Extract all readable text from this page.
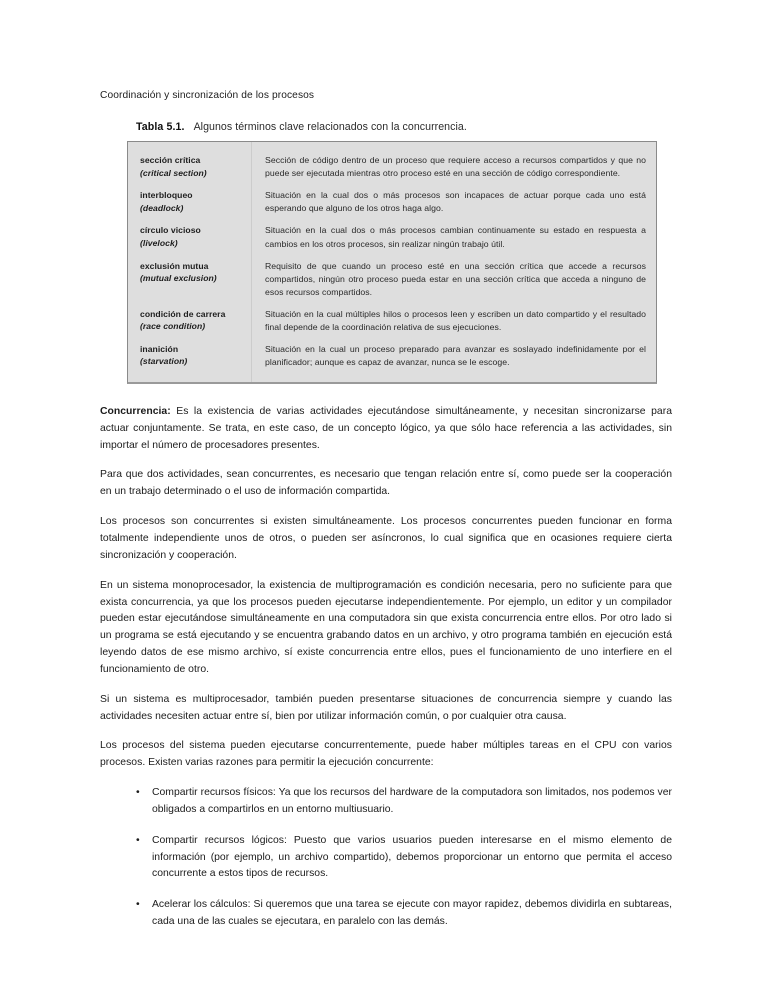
Coordinación y sincronización de los procesos
Tabla 5.1. Algunos términos clave relacionados con la concurrencia.
sección crítica
(critical section)
Sección de código dentro de un proceso que requiere acceso a recursos compartidos y que no puede ser ejecutada mientras otro proceso esté en una sección de código correspondiente.
interbloqueo
(deadlock)
Situación en la cual dos o más procesos son incapaces de actuar porque cada uno está esperando que alguno de los otros haga algo.
círculo vicioso
(livelock)
Situación en la cual dos o más procesos cambian continuamente su estado en respuesta a cambios en los otros procesos, sin realizar ningún trabajo útil.
exclusión mutua
(mutual exclusion)
Requisito de que cuando un proceso esté en una sección crítica que accede a recursos compartidos, ningún otro proceso pueda estar en una sección crítica que acceda a ninguno de esos recursos compartidos.
condición de carrera
(race condition)
Situación en la cual múltiples hilos o procesos leen y escriben un dato compartido y el resultado final depende de la coordinación relativa de sus ejecuciones.
inanición
(starvation)
Situación en la cual un proceso preparado para avanzar es soslayado indefinidamente por el planificador; aunque es capaz de avanzar, nunca se le escoge.

Concurrencia: Es la existencia de varias actividades ejecutándose simultáneamente, y necesitan sincronizarse para actuar conjuntamente. Se trata, en este caso, de un concepto lógico, ya que sólo hace referencia a las actividades, sin importar el número de procesadores presentes.

Para que dos actividades, sean concurrentes, es necesario que tengan relación entre sí, como puede ser la cooperación en un trabajo determinado o el uso de información compartida.

Los procesos son concurrentes si existen simultáneamente. Los procesos concurrentes pueden funcionar en forma totalmente independiente unos de otros, o pueden ser asíncronos, lo cual significa que en ocasiones requiere cierta sincronización y cooperación.

En un sistema monoprocesador, la existencia de multiprogramación es condición necesaria, pero no suficiente para que exista concurrencia, ya que los procesos pueden ejecutarse independientemente. Por ejemplo, un editor y un compilador pueden estar ejecutándose simultáneamente en una computadora sin que exista concurrencia entre ellos. Por otro lado si un programa se está ejecutando y se encuentra grabando datos en un archivo, y otro programa también en ejecución está leyendo datos de ese mismo archivo, sí existe concurrencia entre ellos, pues el funcionamiento de uno interfiere en el funcionamiento de otro.

Si un sistema es multiprocesador, también pueden presentarse situaciones de concurrencia siempre y cuando las actividades necesiten actuar entre sí, bien por utilizar información común, o por cualquier otra causa.

Los procesos del sistema pueden ejecutarse concurrentemente, puede haber múltiples tareas en el CPU con varios procesos. Existen varias razones para permitir la ejecución concurrente:

• Compartir recursos físicos: Ya que los recursos del hardware de la computadora son limitados, nos podemos ver obligados a compartirlos en un entorno multiusuario.
• Compartir recursos lógicos: Puesto que varios usuarios pueden interesarse en el mismo elemento de información (por ejemplo, un archivo compartido), debemos proporcionar un entorno que permita el acceso concurrente a estos tipos de recursos.
• Acelerar los cálculos: Si queremos que una tarea se ejecute con mayor rapidez, debemos dividirla en subtareas, cada una de las cuales se ejecutara, en paralelo con las demás.
